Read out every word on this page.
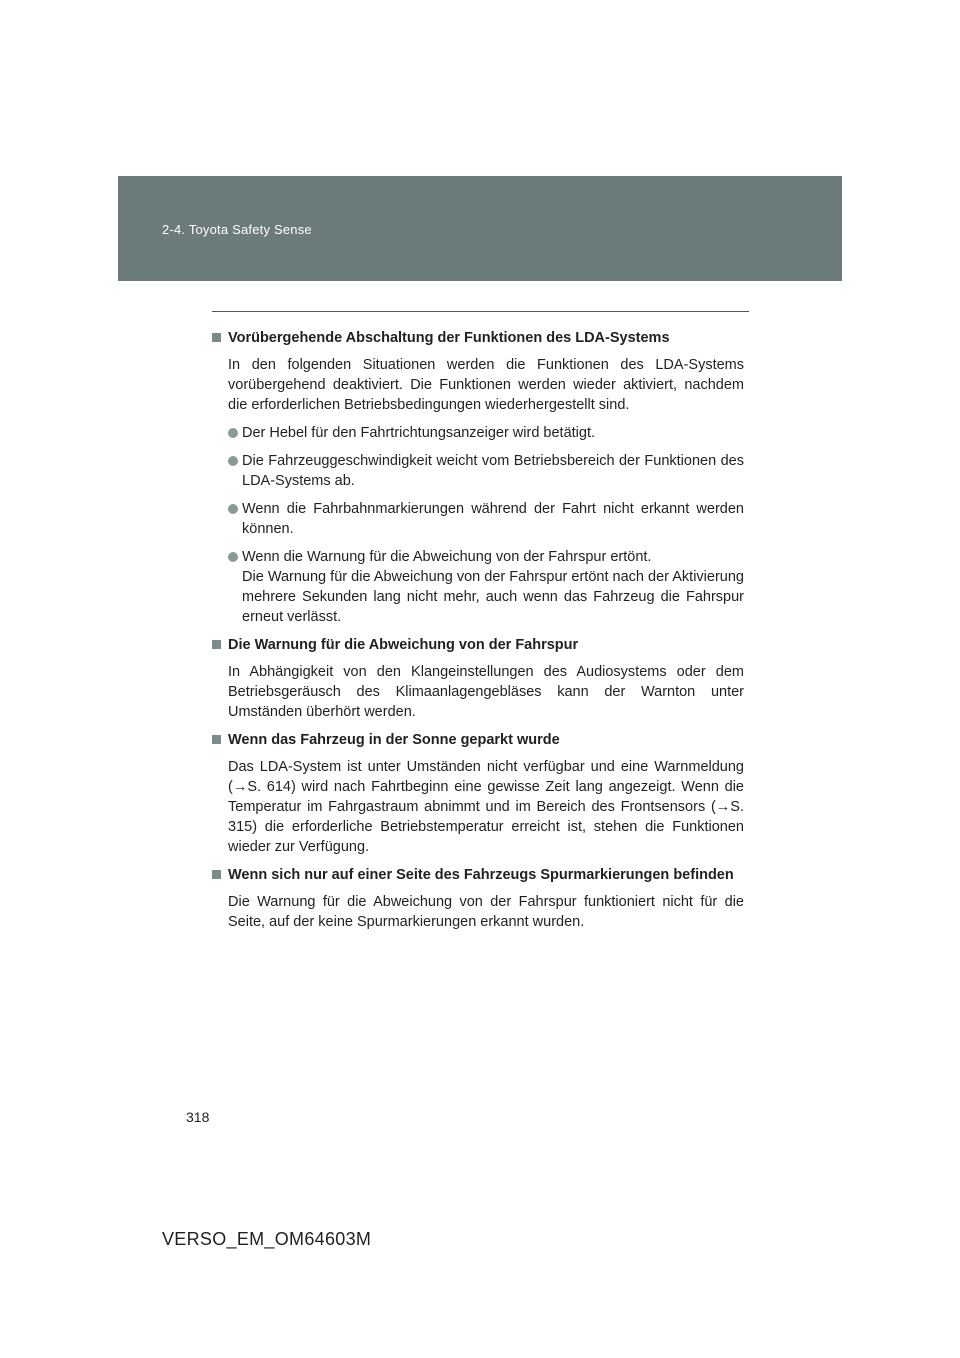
2-4. Toyota Safety Sense
Vorübergehende Abschaltung der Funktionen des LDA-Systems

In den folgenden Situationen werden die Funktionen des LDA-Systems vorübergehend deaktiviert. Die Funktionen werden wieder aktiviert, nachdem die erforderlichen Betriebsbedingungen wiederhergestellt sind.

Der Hebel für den Fahrtrichtungsanzeiger wird betätigt.
Die Fahrzeuggeschwindigkeit weicht vom Betriebsbereich der Funktionen des LDA-Systems ab.
Wenn die Fahrbahnmarkierungen während der Fahrt nicht erkannt werden können.
Wenn die Warnung für die Abweichung von der Fahrspur ertönt.
Die Warnung für die Abweichung von der Fahrspur ertönt nach der Aktivierung mehrere Sekunden lang nicht mehr, auch wenn das Fahrzeug die Fahrspur erneut verlässt.
Die Warnung für die Abweichung von der Fahrspur

In Abhängigkeit von den Klangeinstellungen des Audiosystems oder dem Betriebsgeräusch des Klimaanlagengebläses kann der Warnton unter Umständen überhört werden.

Wenn das Fahrzeug in der Sonne geparkt wurde

Das LDA-System ist unter Umständen nicht verfügbar und eine Warnmeldung (→S. 614) wird nach Fahrtbeginn eine gewisse Zeit lang angezeigt. Wenn die Temperatur im Fahrgastraum abnimmt und im Bereich des Frontsensors (→S. 315) die erforderliche Betriebstemperatur erreicht ist, stehen die Funktionen wieder zur Verfügung.

Wenn sich nur auf einer Seite des Fahrzeugs Spurmarkierungen befinden

Die Warnung für die Abweichung von der Fahrspur funktioniert nicht für die Seite, auf der keine Spurmarkierungen erkannt wurden.

318
VERSO_EM_OM64603M
